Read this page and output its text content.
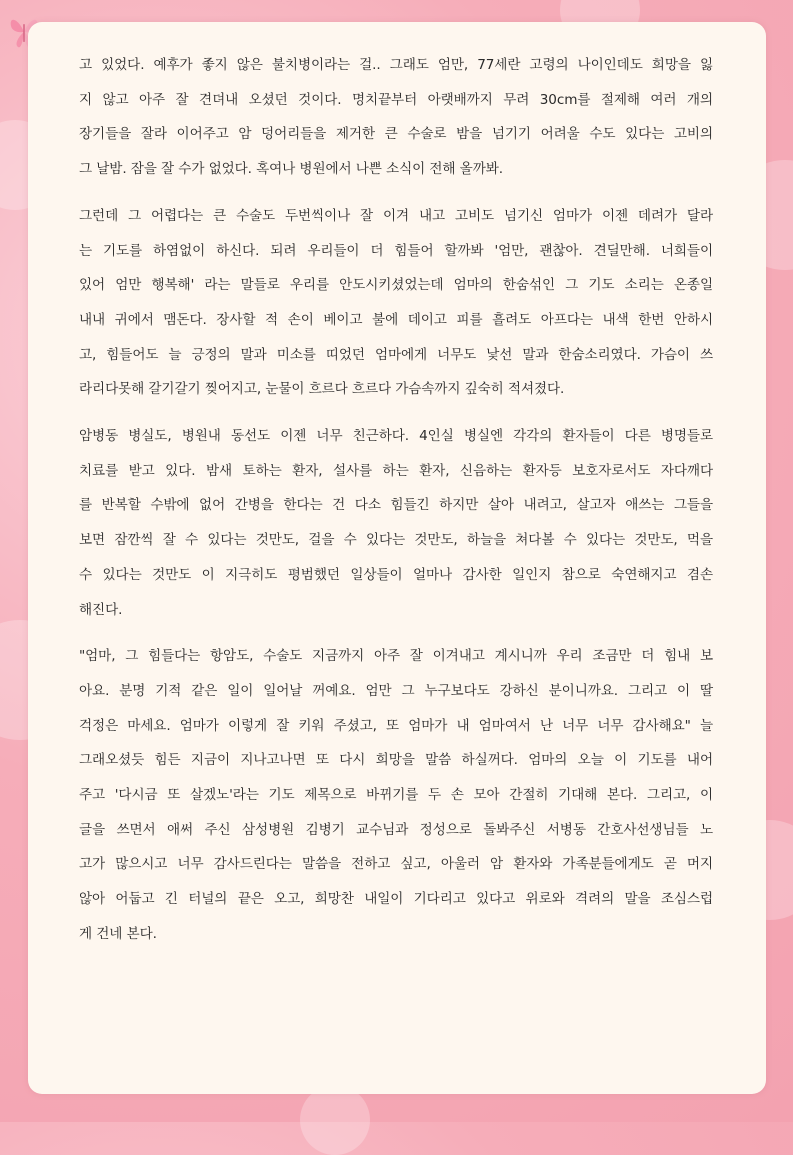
고 있었다. 예후가 좋지 않은 불치병이라는 걸.. 그래도 엄만, 77세란 고령의 나이인데도 희망을 잃
지 않고 아주 잘 견뎌내 오셨던 것이다. 명치끝부터 아랫배까지 무려 30cm를 절제해 여러 개의
장기들을 잘라 이어주고 암 덩어리들을 제거한 큰 수술로 밤을 넘기기 어려울 수도 있다는 고비의
그 날밤. 잠을 잘 수가 없었다. 혹여나 병원에서 나쁜 소식이 전해 올까봐.

그런데 그 어렵다는 큰 수술도 두번씩이나 잘 이겨 내고 고비도 넘기신 엄마가 이젠 데려가 달라
는 기도를 하염없이 하신다. 되려 우리들이 더 힘들어 할까봐 '엄만, 괜찮아. 견딜만해. 너희들이
있어 엄만 행복해' 라는 말들로 우리를 안도시키셨었는데 엄마의 한숨섞인 그 기도 소리는 온종일
내내 귀에서 맴돈다. 장사할 적 손이 베이고 불에 데이고 피를 흘려도 아프다는 내색 한번 안하시
고, 힘들어도 늘 긍정의 말과 미소를 띠었던 엄마에게 너무도 낯선 말과 한숨소리였다. 가슴이 쓰
라리다못해 갈기갈기 찢어지고, 눈물이 흐르다 흐르다 가슴속까지 깊숙히 적셔졌다.

암병동 병실도, 병원내 동선도 이젠 너무 친근하다. 4인실 병실엔 각각의 환자들이 다른 병명들로
치료를 받고 있다. 밤새 토하는 환자, 설사를 하는 환자, 신음하는 환자등 보호자로서도 자다깨다
를 반복할 수밖에 없어 간병을 한다는 건 다소 힘들긴 하지만 살아 내려고, 살고자 애쓰는 그들을
보면 잠깐씩 잘 수 있다는 것만도, 걸을 수 있다는 것만도, 하늘을 쳐다볼 수 있다는 것만도, 먹을
수 있다는 것만도 이 지극히도 평범했던 일상들이 얼마나 감사한 일인지 참으로 숙연해지고 겸손
해진다.

"엄마, 그 힘들다는 항암도, 수술도 지금까지 아주 잘 이겨내고 계시니까 우리 조금만 더 힘내 보
아요. 분명 기적 같은 일이 일어날 꺼예요. 엄만 그 누구보다도 강하신 분이니까요. 그리고 이 딸
걱정은 마세요. 엄마가 이렇게 잘 키워 주셨고, 또 엄마가 내 엄마여서 난 너무 너무 감사해요" 늘
그래오셨듯 힘든 지금이 지나고나면 또 다시 희망을 말씀 하실꺼다. 엄마의 오늘 이 기도를 내어
주고 '다시금 또 살겠노'라는 기도 제목으로 바뀌기를 두 손 모아 간절히 기대해 본다. 그리고, 이
글을 쓰면서 애써 주신 삼성병원 김병기 교수님과 정성으로 돌봐주신 서병동 간호사선생님들 노
고가 많으시고 너무 감사드린다는 말씀을 전하고 싶고, 아울러 암 환자와 가족분들에게도 곧 머지
않아 어둡고 긴 터널의 끝은 오고, 희망찬 내일이 기다리고 있다고 위로와 격려의 말을 조심스럽
게 건네 본다.
